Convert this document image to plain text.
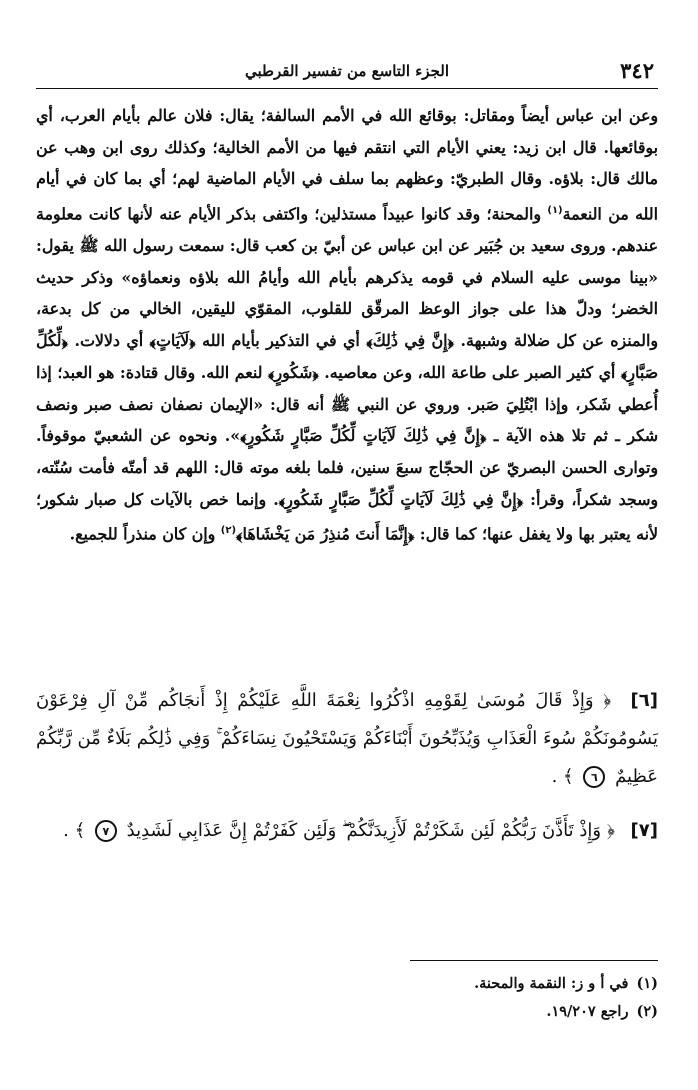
٣٤٢
الجزء التاسع من تفسير القرطبي

وعن ابن عباس أيضاً ومقاتل: بوقائع الله في الأمم السالفة؛ يقال: فلان عالم بأيام العرب، أي بوقائعها. قال ابن زيد: يعني الأيام التي انتقم فيها من الأمم الخالية؛ وكذلك روى ابن وهب عن مالك قال: بلاؤه. وقال الطبريّ: وعظهم بما سلف في الأيام الماضية لهم؛ أي بما كان في أيام الله من النعمة$^{(١)}$ والمحنة؛ وقد كانوا عبيداً مستذلين؛ واكتفى بذكر الأيام عنه لأنها كانت معلومة عندهم. وروى سعيد بن جُبَير عن ابن عباس عن أبيّ بن كعب قال: سمعت رسول الله ﷺ يقول: «بينا موسى عليه السلام في قومه يذكرهم بأيام الله وأيامُ الله بلاؤه ونعماؤه» وذكر حديث الخضر؛ ودلّ هذا على جواز الوعظ المرقّق للقلوب، المقوّي لليقين، الخالي من كل بدعة، والمنزه عن كل ضلالة وشبهة. ﴿إِنَّ فِي ذَٰلِكَ﴾ أي في التذكير بأيام الله ﴿لَآيَاتٍ﴾ أي دلالات. ﴿لِّكُلِّ صَبَّارٍ﴾ أي كثير الصبر على طاعة الله، وعن معاصيه. ﴿شَكُورٍ﴾ لنعم الله. وقال قتادة: هو العبد؛ إذا أُعطي شَكر، وإذا ابْتُلِيَ صَبر. وروي عن النبي ﷺ أنه قال: «الإيمان نصفان نصف صبر ونصف شكر ـ ثم تلا هذه الآية ـ ﴿إِنَّ فِي ذَٰلِكَ لَآيَاتٍ لِّكُلِّ صَبَّارٍ شَكُورٍ﴾». ونحوه عن الشعبيّ موقوفاً. وتوارى الحسن البصريّ عن الحجّاج سبعَ سنين، فلما بلغه موته قال: اللهم قد أمتّه فأمت سُنّته، وسجد شكراً، وقرأ: ﴿إِنَّ فِي ذَٰلِكَ لَآيَاتٍ لِّكُلِّ صَبَّارٍ شَكُورٍ﴾. وإنما خص بالآيات كل صبار شكور؛ لأنه يعتبر بها ولا يغفل عنها؛ كما قال: ﴿إِنَّمَا أَنتَ مُنذِرُ مَن يَخْشَاهَا﴾$^{(٢)}$ وإن كان منذراً للجميع.

[٦] ﴿ وَإِذْ قَالَ مُوسَىٰ لِقَوْمِهِ اذْكُرُوا نِعْمَةَ اللَّهِ عَلَيْكُمْ إِذْ أَنجَاكُم مِّنْ آلِ فِرْعَوْنَ يَسُومُونَكُمْ سُوءَ الْعَذَابِ وَيُذَبِّحُونَ أَبْنَاءَكُمْ وَيَسْتَحْيُونَ نِسَاءَكُمْ ۚ وَفِي ذَٰلِكُم بَلَاءٌ مِّن رَّبِّكُمْ عَظِيمٌ ٦ ﴾ .
[٧] ﴿ وَإِذْ تَأَذَّنَ رَبُّكُمْ لَئِن شَكَرْتُمْ لَأَزِيدَنَّكُمْ ۖ وَلَئِن كَفَرْتُمْ إِنَّ عَذَابِي لَشَدِيدٌ ٧ ﴾ .
(١)في أ و ز: النقمة والمحنة.
(٢)راجع ١٩/٢٠٧.
